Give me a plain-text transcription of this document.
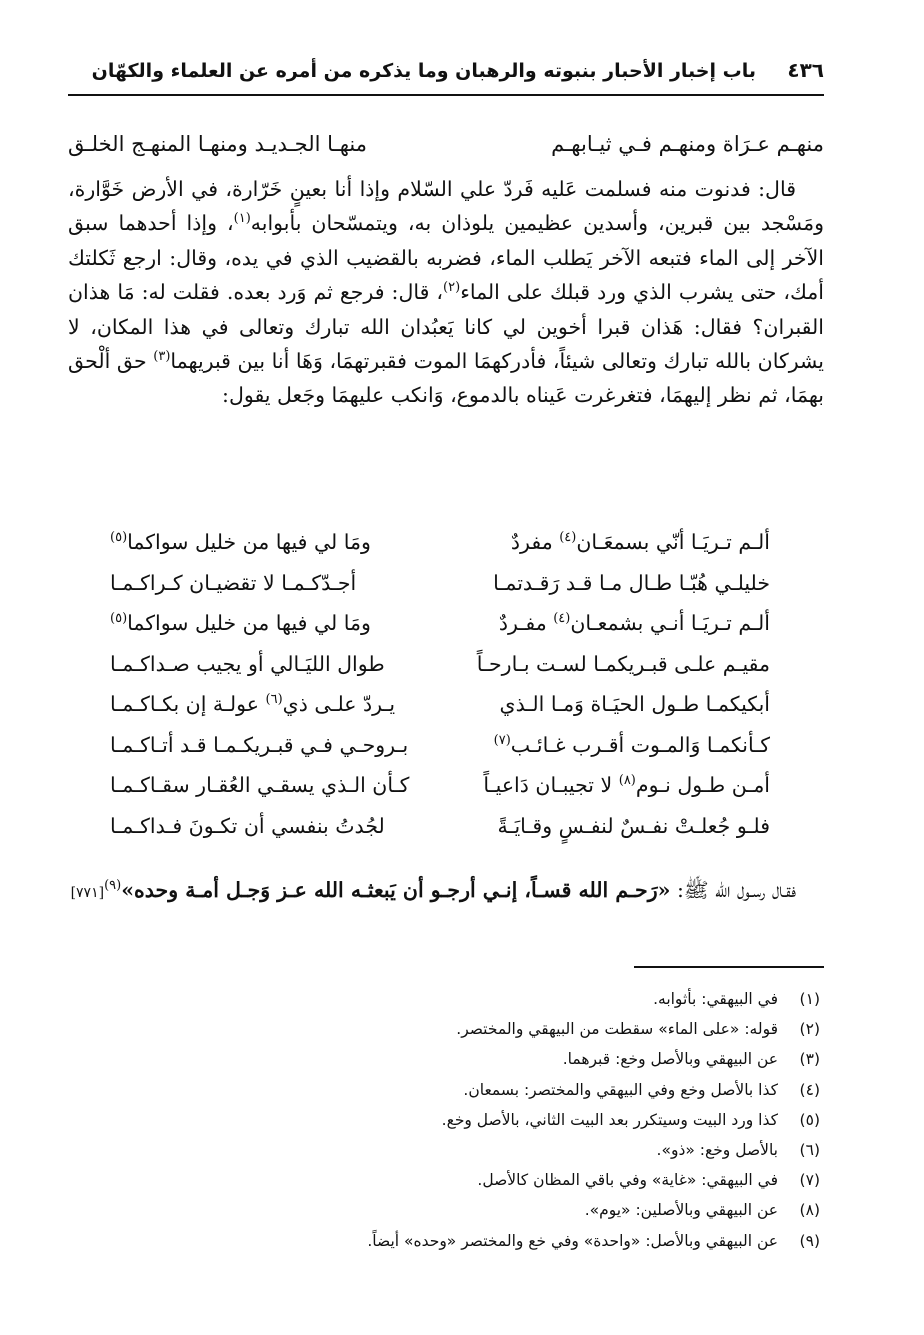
٤٣٦
باب إخبار الأحبار بنبوته والرهبان وما يذكره من أمره عن العلماء والكهّان
منهـم عـرَاة ومنهـم فـي ثيـابهـم
منهـا الجـديـد ومنهـا المنهـج الخلـق

قال: فدنوت منه فسلمت عَليه فَردّ علي السّلام وإذا أنا بعينٍ خَرّارة، في الأرض خَوَّارة، ومَسْجد بين قبرين، وأسدين عظيمين يلوذان به، ويتمسّحان بأبوابه$^{(١)}$، وإذا أحدهما سبق الآخر إلى الماء فتبعه الآخر يَطلب الماء، فضربه بالقضيب الذي في يده، وقال: ارجع ثَكلتك أمك، حتى يشرب الذي ورد قبلك على الماء$^{(٢)}$، قال: فرجع ثم وَرد بعده. فقلت له: مَا هذان القبران؟ فقال: هَذان قبرا أخوين لي كانا يَعبُدان الله تبارك وتعالى في هذا المكان، لا يشركان بالله تبارك وتعالى شيئاً، فأدركهمَا الموت فقبرتهمَا، وَهَا أنا بين قبريهما$^{(٣)}$ حق ألْحق بهمَا، ثم نظر إليهمَا، فتغرغرت عَيناه بالدموع، وَانكب عليهمَا وجَعل يقول:

ألـم تـريَـا أنّي بسمعَـان$^{(٤)}$ مفردٌ
ومَا لي فيها من خليل سواكما$^{(٥)}$
خليلـي هُبّـا طـال مـا قـد رَقـدتمـا
أجـدّكـمـا لا تقضيـان كـراكـمـا
ألـم تـريَـا أنـي بشمعـان$^{(٤)}$ مفـردٌ
ومَا لي فيها من خليل سواكما$^{(٥)}$
مقيـم علـى قبـريكمـا لسـت بـارحـاً
طوال الليَـالي أو يجيب صـداكـمـا
أبكيكمـا طـول الحيَـاة وَمـا الـذي
يـردّ علـى ذي$^{(٦)}$ عولـة إن بكـاكـمـا
كـأنكمـا وَالمـوت أقـرب غـائـب$^{(٧)}$
بـروحـي فـي قبـريكـمـا قـد أتـاكـمـا
أمـن طـول نـوم$^{(٨)}$ لا تجيبـان دَاعيـاً
كـأن الـذي يسقـي العُقـار سقـاكـمـا
فلـو جُعلـتْ نفـسٌ لنفـسٍ وقـايَـةً
لجُدتُ بنفسي أن تكـونَ فـداكـمـا
فقـال رسـول الله ﷺ: «رَحـم الله قسـاً، إنـي أرجـو أن يَبعثـه الله عـز وَجـل أمـة وحده»$^{(٩)}$[٧٧١]
(١)في البيهقي: بأثوابه.
(٢)قوله: «على الماء» سقطت من البيهقي والمختصر.
(٣)عن البيهقي وبالأصل وخع: قبرهما.
(٤)كذا بالأصل وخع وفي البيهقي والمختصر: بسمعان.
(٥)كذا ورد البيت وسيتكرر بعد البيت الثاني، بالأصل وخع.
(٦)بالأصل وخع: «ذو».
(٧)في البيهقي: «غاية» وفي باقي المظان كالأصل.
(٨)عن البيهقي وبالأصلين: «يوم».
(٩)عن البيهقي وبالأصل: «واحدة» وفي خع والمختصر «وحده» أيضاً.
